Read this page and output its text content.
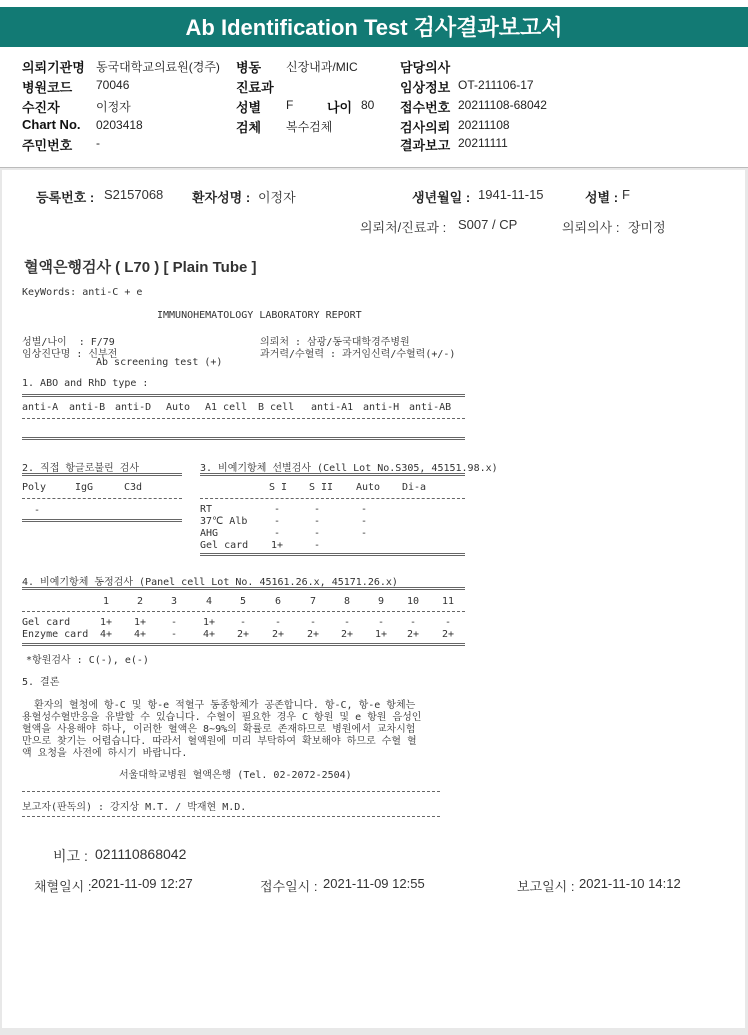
Ab Identification Test 검사결과보고서
의뢰기관명 동국대학교의료원(경주) 병동 신장내과/MIC	담당의사
병원코드 70046	진료과	임상정보 OT-211106-17
수진자	이정자	성별 F	나이 80 접수번호 20211108-68042
Chart No. 0203418	검체 복수검체	검사의뢰 20211108
주민번호 -	결과보고 20211111
등록번호 : S2157068 환자성명 : 이정자	생년월일 : 1941-11-15	성별 : F
의뢰처/진료과 : S007 / CP	의뢰의사 : 장미정
혈액은행검사 ( L70 ) [ Plain Tube ]
KeyWords: anti-C + e
IMMUNOHEMATOLOGY LABORATORY REPORT
성별/나이  : F/79
임상진단명 : 신부전
Ab screening test (+)
의뢰처 : 삼광/동국대학경주병원
과거력/수혈력 : 과거임신력/수혈력(+/-)
1. ABO and RhD type :
anti-A anti-B anti-D Auto A1 cell B cell anti-A1 anti-H anti-AB
2. 직접 항글로불린 검사
Poly	IgG	C3d
-
3. 비예기항체 선별검사 (Cell Lot No.S305, 45151.98.x)
S I S II Auto Di-a
RT	-	-	-
37℃ Alb	-	-	-
AHG	-	-	-
Gel card 1+	-
4. 비예기항체 동정검사 (Panel cell Lot No. 45161.26.x, 45171.26.x)
1	2	3	4	5	6	7	8	9	10 11
Gel card	1+ 1+	-	1+	-	-	-	-	-	-	-
Enzyme card 4+ 4+	-	4+ 2+ 2+ 2+ 2+ 1+ 2+ 2+
*항원검사 : C(-), e(-)
5. 결론
환자의 혈청에 항-C 및 항-e 적혈구 동종항체가 공존합니다. 항-C, 항-e 항체는
용혈성수혈반응을 유발할 수 있습니다. 수혈이 필요한 경우 C 항원 및 e 항원 음성인
혈액을 사용해야 하나, 이러한 혈액은 8~9%의 확률로 존재하므로 병원에서 교차시험
만으로 찾기는 어렵습니다. 따라서 혈액원에 미리 부탁하여 확보해야 하므로 수혈 혈
액 요청을 사전에 하시기 바랍니다.
서울대학교병원 혈액은행 (Tel. 02-2072-2504)
보고자(판독의) : 강지상 M.T. / 박재현 M.D.
비고 : 021110868042
채혈일시 : 2021-11-09 12:27	접수일시 : 2021-11-09 12:55	보고일시 : 2021-11-10 14:12
